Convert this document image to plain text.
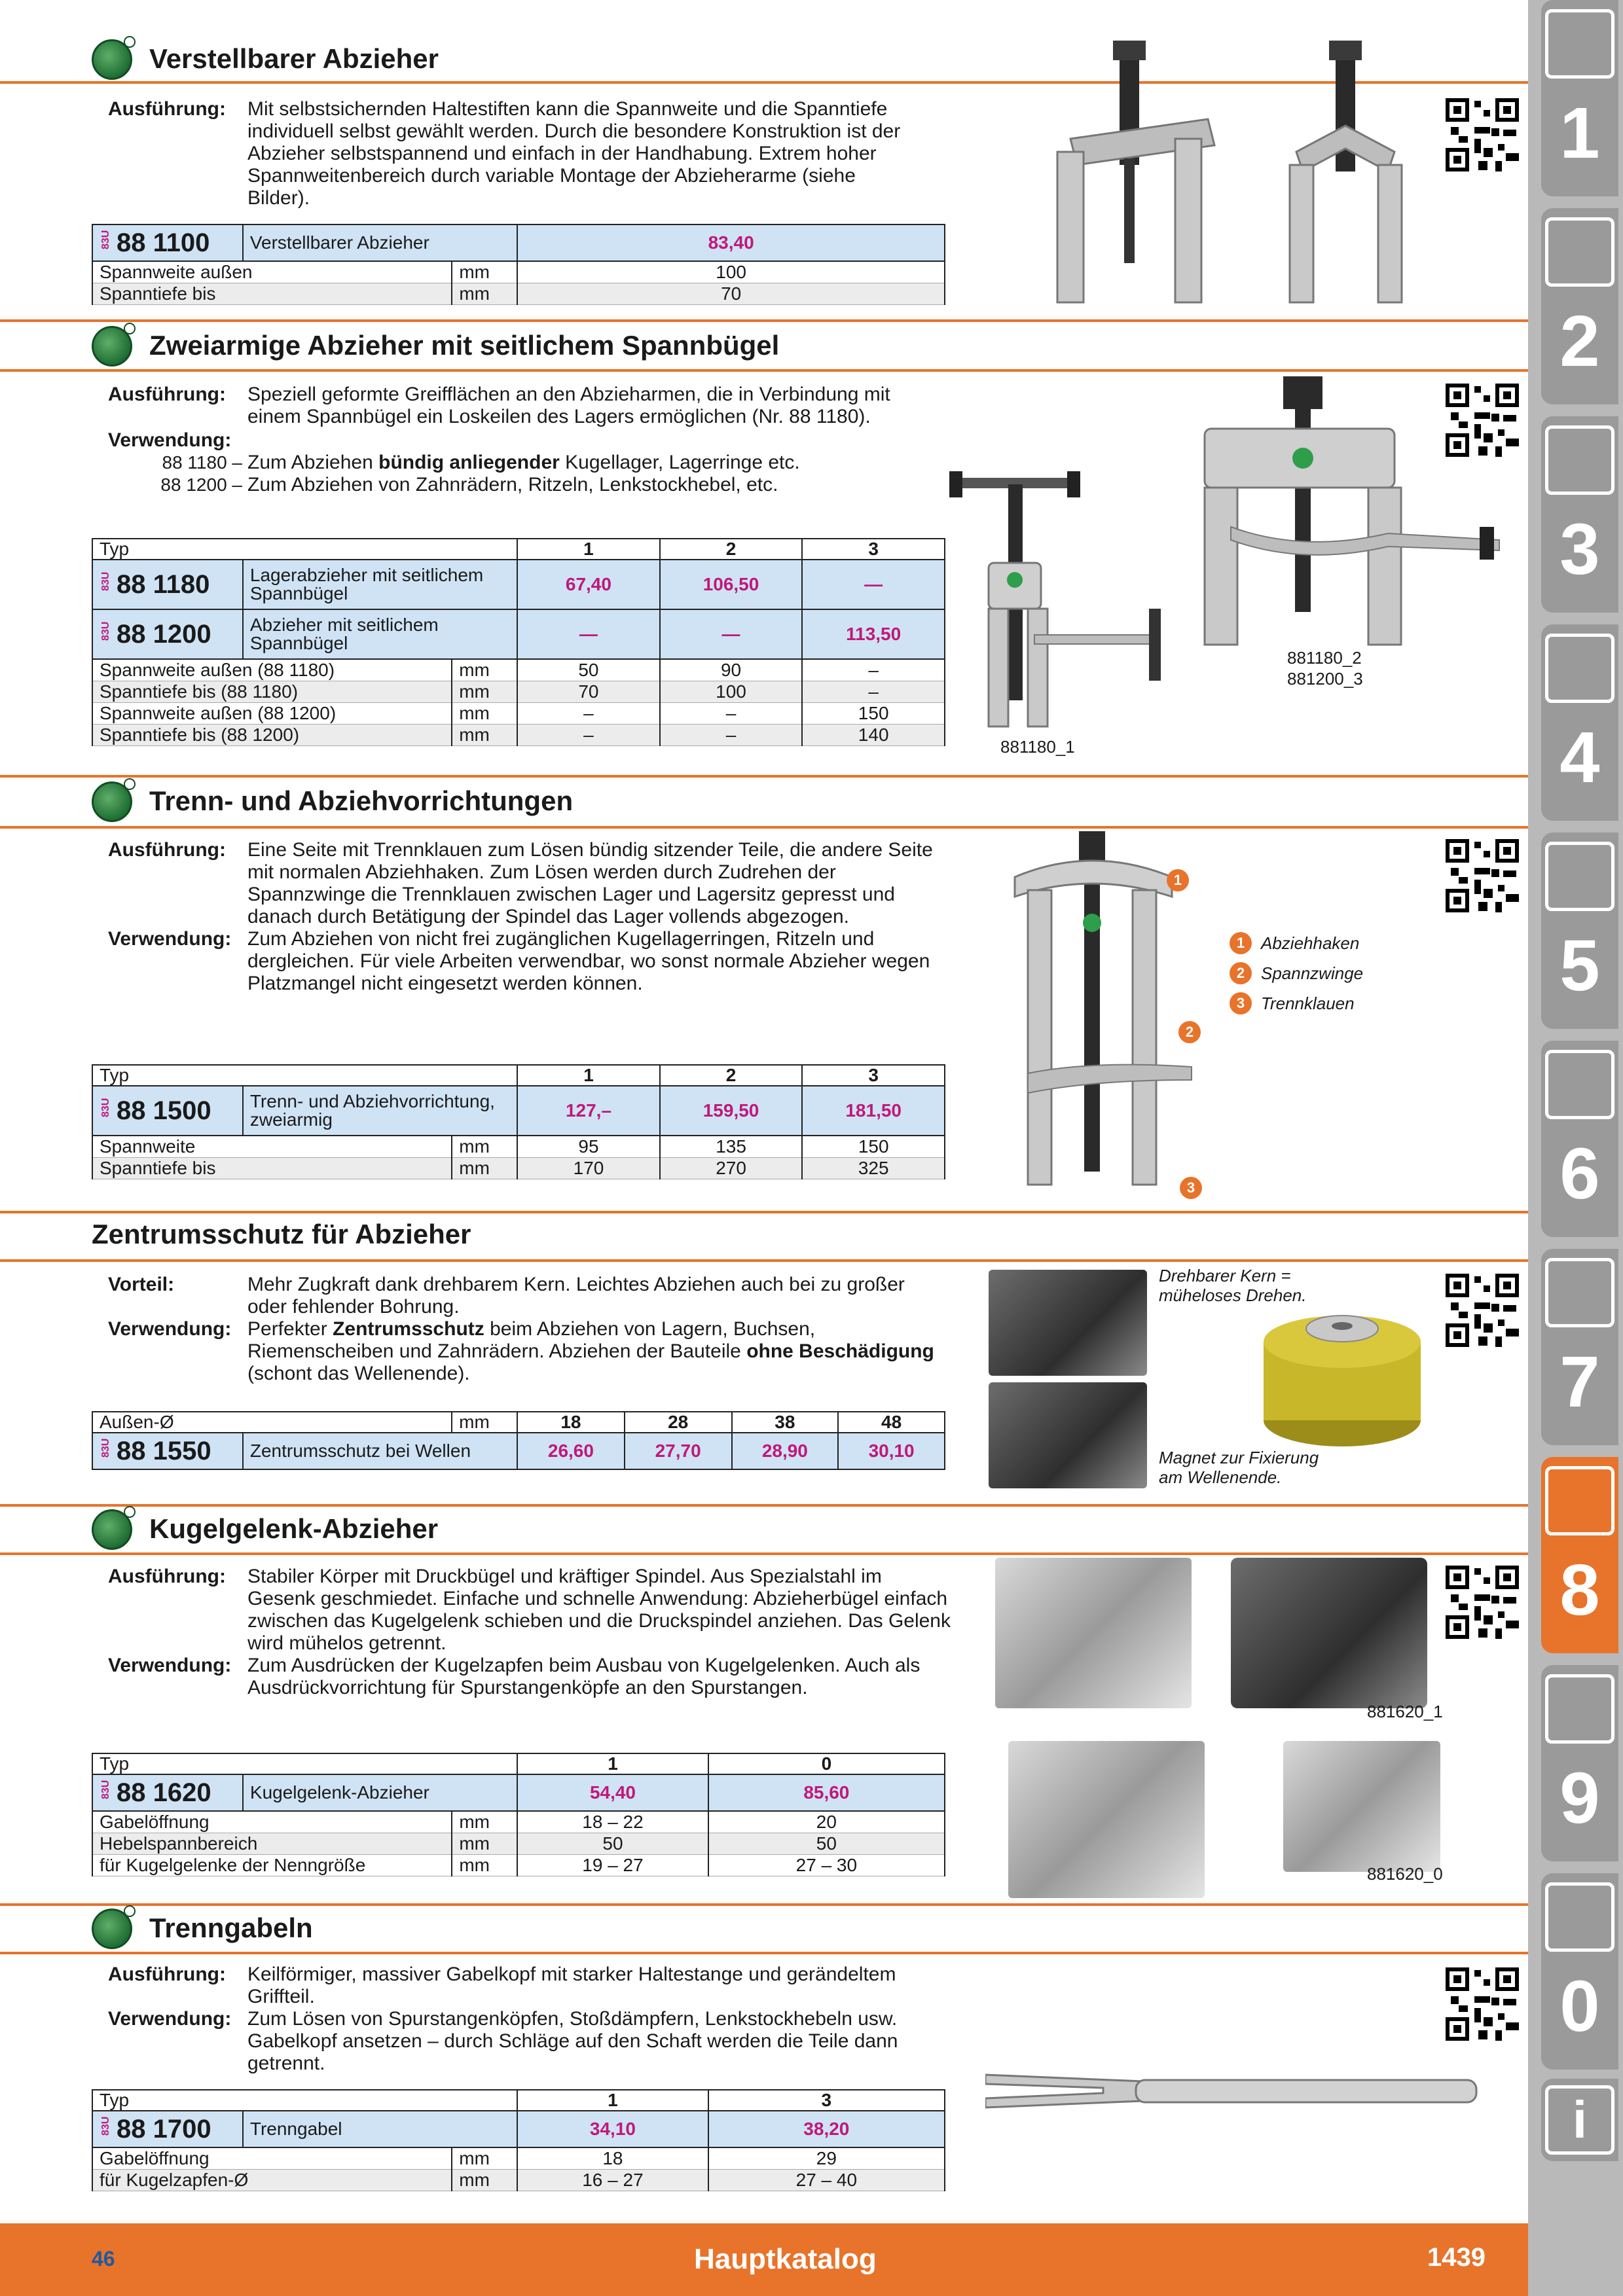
Verstellbarer Abzieher
Ausführung: Mit selbstsichernden Haltestiften kann die Spannweite und die Spanntiefe individuell selbst gewählt werden. Durch die besondere Konstruktion ist der Abzieher selbstspannend und einfach in der Handhabung. Extrem hoher Spannweitenbereich durch variable Montage der Abzieherarme (siehe Bilder).
83U 88 1100	Verstellbarer Abzieher		83,40
Spannweite außen		mm	100
Spanntiefe bis		mm	70
Zweiarmige Abzieher mit seitlichem Spannbügel
Ausführung: Speziell geformte Greifflächen an den Abzieharmen, die in Verbindung mit einem Spannbügel ein Loskeilen des Lagers ermöglichen (Nr. 88 1180).
Verwendung:
88 1180 – Zum Abziehen bündig anliegender Kugellager, Lagerringe etc.
88 1200 – Zum Abziehen von Zahnrädern, Ritzeln, Lenkstockhebel, etc.
Typ			1	2	3

83U 88 1180	Lagerabzieher mit seitlichem Spannbügel		67,40	106,50	—

83U 88 1200	Abzieher mit seitlichem Spannbügel		—	—	113,50
Spannweite außen (88 1180)		mm	50	90	–
Spanntiefe bis (88 1180)		mm	70	100	–
Spannweite außen (88 1200)		mm	–	–	150
Spanntiefe bis (88 1200)		mm	–	–	140
881180_1
881180_2
881200_3
Trenn- und Abziehvorrichtungen
Ausführung: Eine Seite mit Trennklauen zum Lösen bündig sitzender Teile, die andere Seite mit normalen Abziehhaken. Zum Lösen werden durch Zudrehen der Spannzwinge die Trennklauen zwischen Lager und Lagersitz gepresst und danach durch Betätigung der Spindel das Lager vollends abgezogen.
Verwendung: Zum Abziehen von nicht frei zugänglichen Kugellagerringen, Ritzeln und dergleichen. Für viele Arbeiten verwendbar, wo sonst normale Abzieher wegen Platzmangel nicht eingesetzt werden können.
Typ			1	2	3

83U 88 1500	Trenn- und Abziehvorrichtung, zweiarmig		127,–	159,50	181,50
Spannweite		mm	95	135	150
Spanntiefe bis		mm	170	270	325
1
2
3
1 Abziehhaken
2 Spannzwinge
3 Trennklauen
Zentrumsschutz für Abzieher
Vorteil:	Mehr Zugkraft dank drehbarem Kern. Leichtes Abziehen auch bei zu großer oder fehlender Bohrung.
Verwendung: Perfekter Zentrumsschutz beim Abziehen von Lagern, Buchsen, Riemenscheiben und Zahnrädern. Abziehen der Bauteile ohne Beschädigung (schont das Wellenende).
Außen-Ø		mm	18	28	38	48

83U 88 1550	Zentrumsschutz bei Wellen		26,60	27,70	28,90	30,10
Drehbarer Kern = müheloses Drehen.
Magnet zur Fixierung am Wellenende.
Kugelgelenk-Abzieher
Ausführung: Stabiler Körper mit Druckbügel und kräftiger Spindel. Aus Spezialstahl im Gesenk geschmiedet. Einfache und schnelle Anwendung: Abzieherbügel einfach zwischen das Kugelgelenk schieben und die Druckspindel anziehen. Das Gelenk wird mühelos getrennt.
Verwendung: Zum Ausdrücken der Kugelzapfen beim Ausbau von Kugelgelenken. Auch als Ausdrückvorrichtung für Spurstangenköpfe an den Spurstangen.
Typ			1	0

83U 88 1620	Kugelgelenk-Abzieher		54,40	85,60
Gabelöffnung		mm	18 – 22	20
Hebelspannbereich		mm	50	50
für Kugelgelenke der Nenngröße		mm	19 – 27	27 – 30
881620_1
881620_0
Trenngabeln
Ausführung: Keilförmiger, massiver Gabelkopf mit starker Haltestange und gerändeltem Griffteil.
Verwendung: Zum Lösen von Spurstangenköpfen, Stoßdämpfern, Lenkstockhebeln usw. Gabelkopf ansetzen – durch Schläge auf den Schaft werden die Teile dann getrennt.
Typ			1	3

83U 88 1700	Trenngabel		34,10	38,20
Gabelöffnung		mm	18	29
für Kugelzapfen-Ø		mm	16 – 27	27 – 40
1
2
3
4
5
6
7
8
9
0
i
46	Hauptkatalog	1439
